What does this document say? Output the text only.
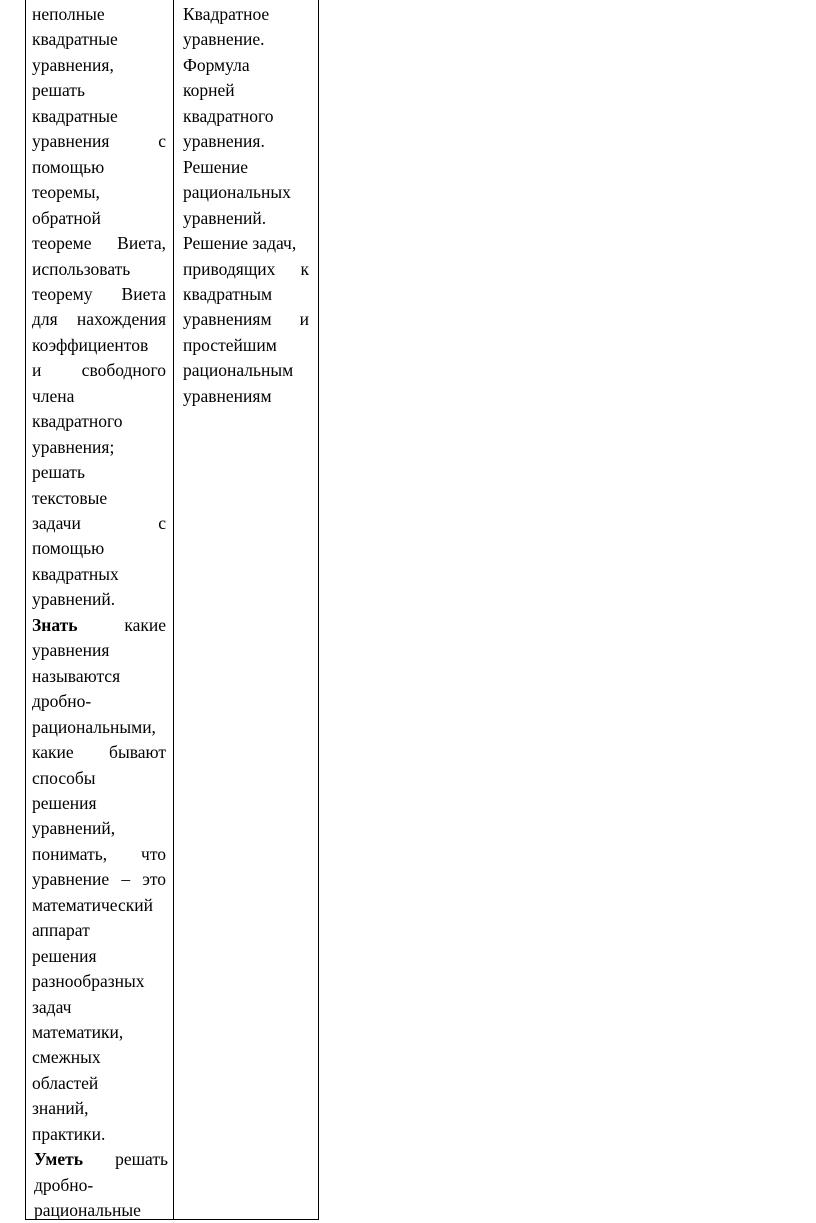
неполные
квадратные
уравнения,
решать
квадратные
уравнения с
помощью
теоремы,
обратной
теореме Виета,
использовать
теорему Виета
для нахождения
коэффициентов
и свободного
члена
квадратного
уравнения;
решать
текстовые
задачи с
помощью
квадратных
уравнений.
Знать какие
уравнения
называются
дробно-
рациональными,
какие бывают
способы
решения
уравнений,
понимать, что
уравнение – это
математический
аппарат
решения
разнообразных
задач
математики,
смежных
областей
знаний,
практики.
Уметь решать
дробно-
рациональные
Квадратное
уравнение.
Формула
корней
квадратного
уравнения.
Решение
рациональных
уравнений.
Решение задач,
приводящих к
квадратным
уравнениям и
простейшим
рациональным
уравнениям
